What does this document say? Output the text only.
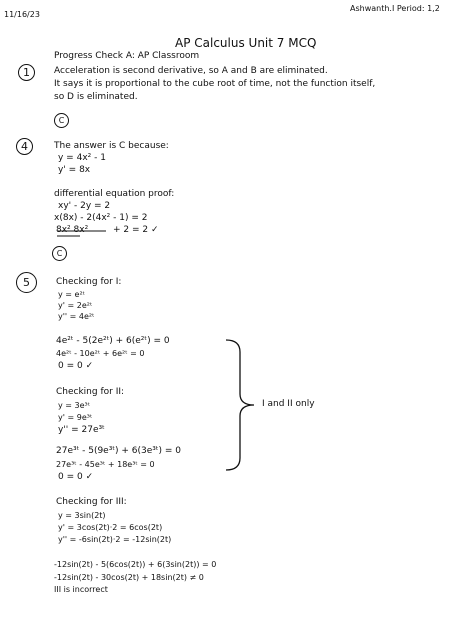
11/16/23
Ashwanth.I Period: 1,2
AP Calculus Unit 7 MCQ
Progress Check A: AP Classroom
1	Acceleration is second derivative, so A and B are eliminated.
It says it is proportional to the cube root of time, not the function itself,
so D is eliminated.
C
4	The answer is C because:
y = 4x² - 1
y' = 8x
differential equation proof:
xy' - 2y = 2
x(8x) - 2(4x² - 1) = 2
8x² 8x²	+ 2 = 2 ✓
C
5	Checking for I:
y = e²ᵗ
y' = 2e²ᵗ
y'' = 4e²ᵗ
4e²ᵗ - 5(2e²ᵗ) + 6(e²ᵗ) = 0
4e²ᵗ - 10e²ᵗ + 6e²ᵗ = 0
0 = 0 ✓
Checking for II:
y = 3e³ᵗ
y' = 9e³ᵗ
y'' = 27e³ᵗ
27e³ᵗ - 5(9e³ᵗ) + 6(3e³ᵗ) = 0
27e³ᵗ - 45e³ᵗ + 18e³ᵗ = 0
0 = 0 ✓
Checking for III:
y = 3sin(2t)
y' = 3cos(2t)·2 = 6cos(2t)
y'' = -6sin(2t)·2 = -12sin(2t)
-12sin(2t) - 5(6cos(2t)) + 6(3sin(2t)) = 0
-12sin(2t) - 30cos(2t) + 18sin(2t) ≠ 0
III is incorrect
I and II only
